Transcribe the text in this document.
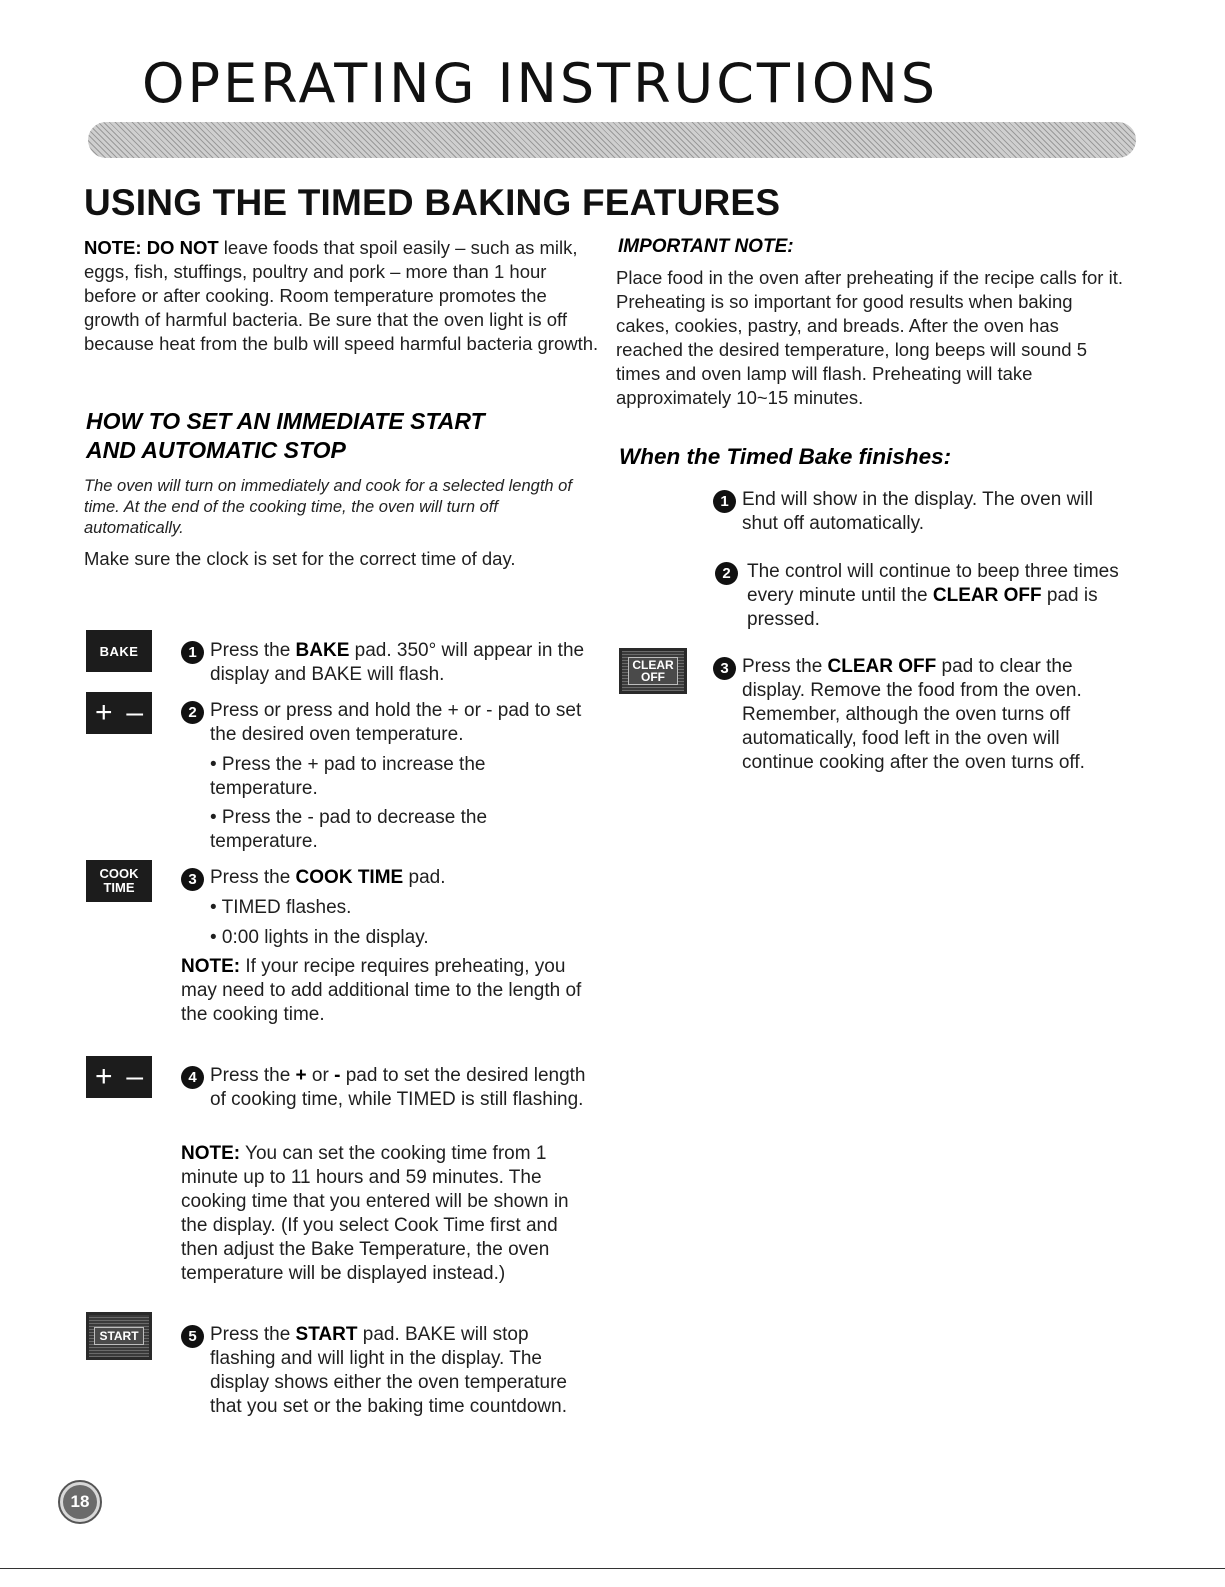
OPERATING INSTRUCTIONS
USING THE TIMED BAKING FEATURES
NOTE: DO NOT leave foods that spoil easily – such as milk, eggs, fish, stuffings, poultry and pork – more than 1 hour before or after cooking. Room temperature promotes the growth of harmful bacteria. Be sure that the oven light is off because heat from the bulb will speed harmful bacteria growth.
HOW TO SET AN IMMEDIATE START
AND AUTOMATIC STOP
The oven will turn on immediately and cook for a selected length of time. At the end of the cooking time, the oven will turn off automatically.
Make sure the clock is set for the correct time of day.
BAKE	1 Press the BAKE pad. 350° will appear in the display and BAKE will flash.
+ –	2 Press or press and hold the + or - pad to set the desired oven temperature.
• Press the + pad to increase the temperature.
• Press the - pad to decrease the temperature.
COOK
TIME	3 Press the COOK TIME pad.
• TIMED flashes.
• 0:00 lights in the display.
NOTE: If your recipe requires preheating, you may need to add additional time to the length of the cooking time.
+ –	4 Press the + or - pad to set the desired length of cooking time, while TIMED is still flashing.
NOTE: You can set the cooking time from 1 minute up to 11 hours and 59 minutes. The cooking time that you entered will be shown in the display. (If you select Cook Time first and then adjust the Bake Temperature, the oven temperature will be displayed instead.)
START	5 Press the START pad. BAKE will stop flashing and will light in the display. The display shows either the oven temperature that you set or the baking time countdown.
IMPORTANT NOTE:
Place food in the oven after preheating if the recipe calls for it. Preheating is so important for good results when baking cakes, cookies, pastry, and breads. After the oven has reached the desired temperature, long beeps will sound 5 times and oven lamp will flash. Preheating will take approximately 10~15 minutes.
When the Timed Bake finishes:
1 End will show in the display. The oven will shut off automatically.
2 The control will continue to beep three times every minute until the CLEAR OFF pad is pressed.
CLEAR
OFF	3 Press the CLEAR OFF pad to clear the display. Remove the food from the oven. Remember, although the oven turns off automatically, food left in the oven will continue cooking after the oven turns off.
18
